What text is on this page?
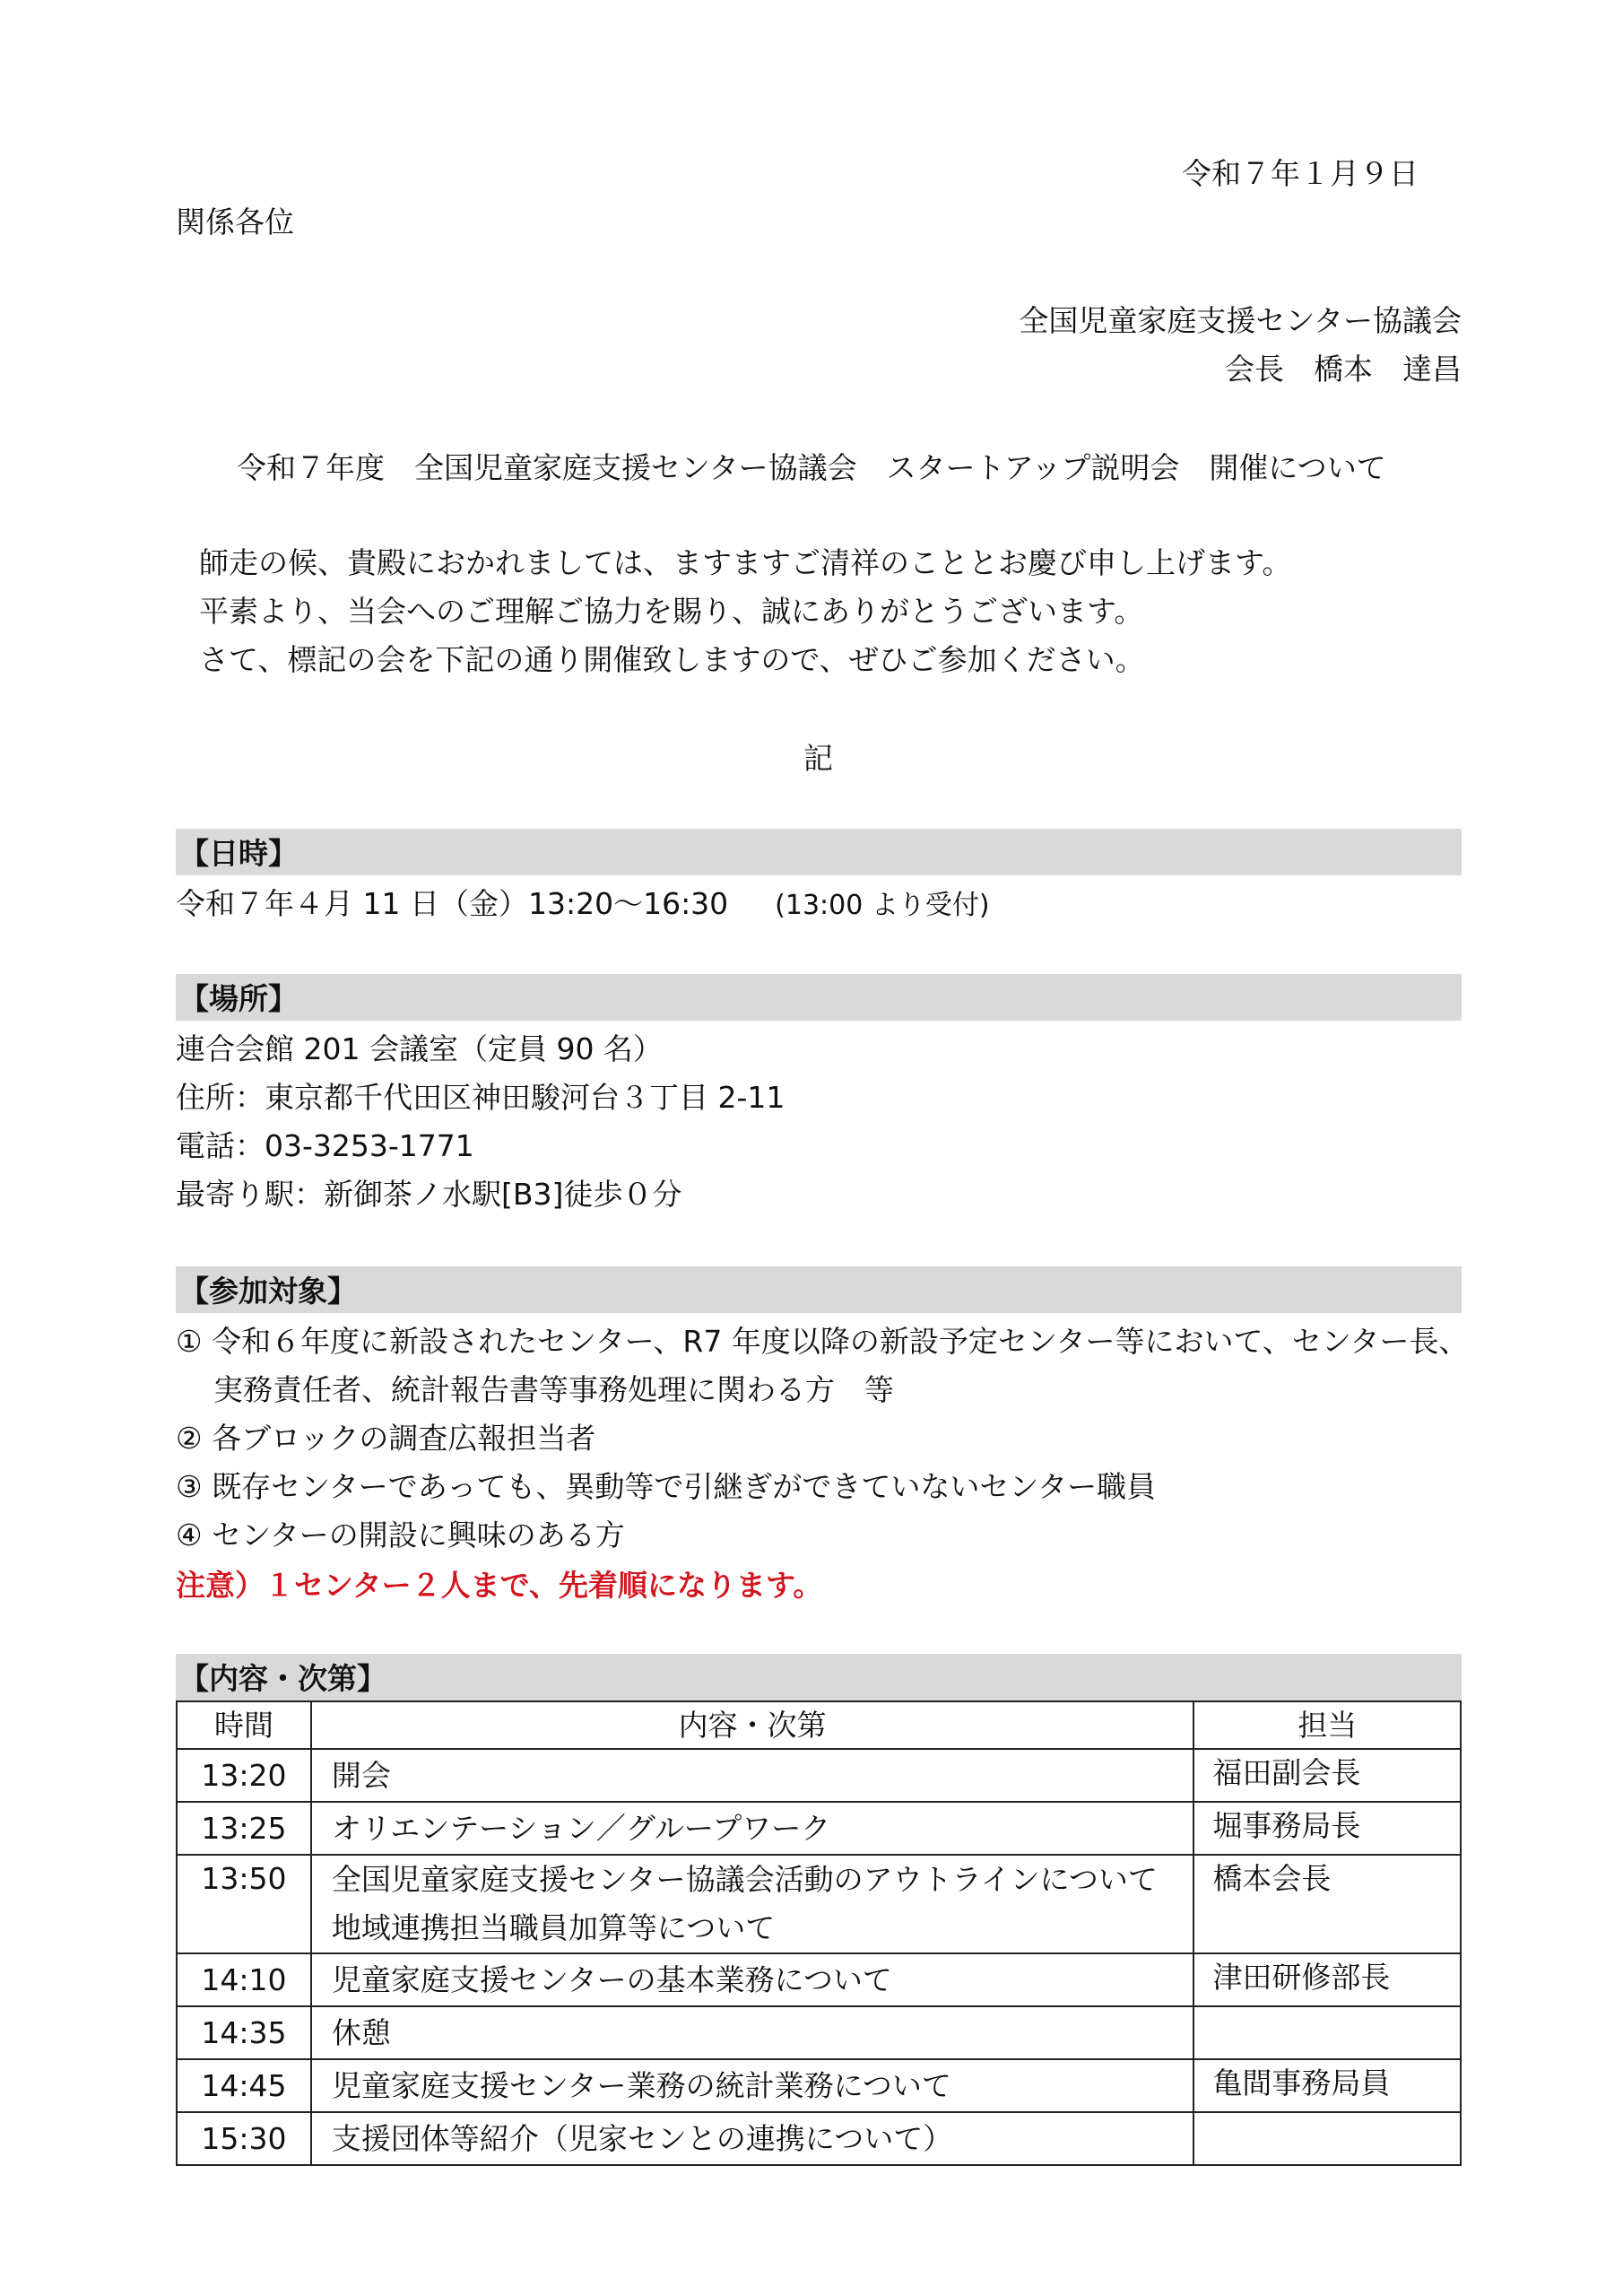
令和７年１月９日
関係各位
全国児童家庭支援センター協議会
会長　橋本　達昌
令和７年度　全国児童家庭支援センター協議会　スタートアップ説明会　開催について
師走の候、貴殿におかれましては、ますますご清祥のこととお慶び申し上げます。
平素より、当会へのご理解ご協力を賜り、誠にありがとうございます。
さて、標記の会を下記の通り開催致しますので、ぜひご参加ください。
記
【日時】
令和７年４月 11 日（金）13:20～16:30 (13:00 より受付)
【場所】
連合会館 201 会議室（定員 90 名）
住所：東京都千代田区神田駿河台３丁目 2-11
電話：03-3253-1771
最寄り駅：新御茶ノ水駅[B3]徒歩０分
【参加対象】
① 令和６年度に新設されたセンター、R7 年度以降の新設予定センター等において、センター長、
実務責任者、統計報告書等事務処理に関わる方　等
② 各ブロックの調査広報担当者
③ 既存センターであっても、異動等で引継ぎができていないセンター職員
④ センターの開設に興味のある方
注意）１センター２人まで、先着順になります。
【内容・次第】
時間	内容・次第	担当
13:20	開会	福田副会長
13:25	オリエンテーション／グループワーク	堀事務局長
13:50	全国児童家庭支援センター協議会活動のアウトラインについて
地域連携担当職員加算等について	橋本会長
14:10	児童家庭支援センターの基本業務について	津田研修部長
14:35	休憩	
14:45	児童家庭支援センター業務の統計業務について	亀間事務局員
15:30	支援団体等紹介（児家センとの連携について）	
